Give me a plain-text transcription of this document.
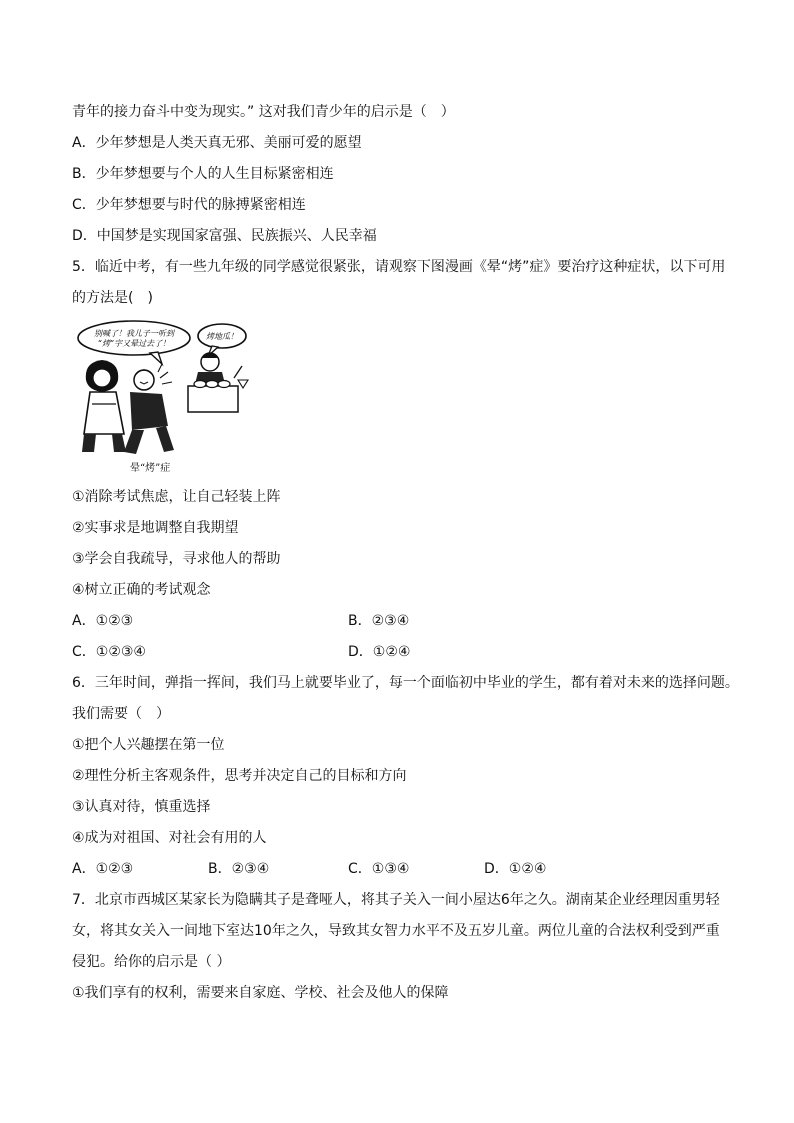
青年的接力奋斗中变为现实。” 这对我们青少年的启示是（　）
A．少年梦想是人类天真无邪、美丽可爱的愿望
B．少年梦想要与个人的人生目标紧密相连
C．少年梦想要与时代的脉搏紧密相连
D．中国梦是实现国家富强、民族振兴、人民幸福
5．临近中考，有一些九年级的同学感觉很紧张，请观察下图漫画《晕“烤”症》要治疗这种症状，以下可用
的方法是(　)
别喊了！我儿子一听到
“烤”字又晕过去了！
烤地瓜！
晕“烤”症
①消除考试焦虑，让自己轻装上阵
②实事求是地调整自我期望
③学会自我疏导，寻求他人的帮助
④树立正确的考试观念
A．①②③	B．②③④
C．①②③④	D．①②④
6．三年时间，弹指一挥间，我们马上就要毕业了，每一个面临初中毕业的学生，都有着对未来的选择问题。
我们需要（　）
①把个人兴趣摆在第一位
②理性分析主客观条件，思考并决定自己的目标和方向
③认真对待，慎重选择
④成为对祖国、对社会有用的人
A．①②③	B．②③④	C．①③④	D．①②④
7．北京市西城区某家长为隐瞒其子是聋哑人，将其子关入一间小屋达6年之久。湖南某企业经理因重男轻
女，将其女关入一间地下室达10年之久，导致其女智力水平不及五岁儿童。两位儿童的合法权利受到严重
侵犯。给你的启示是（ ）
①我们享有的权利，需要来自家庭、学校、社会及他人的保障
